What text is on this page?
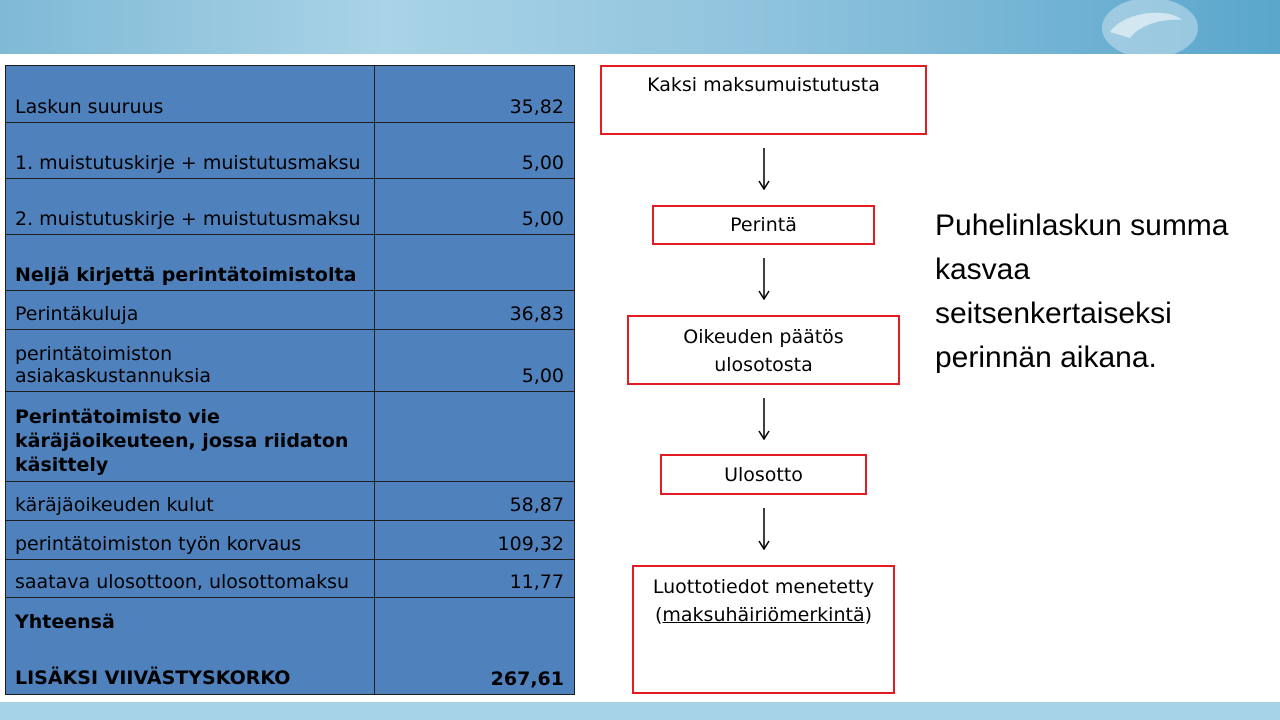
Laskun suuruus	35,82
1. muistutuskirje + muistutusmaksu	5,00
2. muistutuskirje + muistutusmaksu	5,00
Neljä kirjettä perintätoimistolta	
Perintäkuluja	36,83
perintätoimiston asiakaskustannuksia	5,00
Perintätoimisto vie käräjäoikeuteen, jossa riidaton käsittely	
käräjäoikeuden kulut	58,87
perintätoimiston työn korvaus	109,32
saatava ulosottoon, ulosottomaksu	11,77

Yhteensä
LISÄKSI VIIVÄSTYSKORKO	267,61
Kaksi maksumuistutusta
Perintä
Oikeuden päätös ulosotosta
Ulosotto
Luottotiedot menetetty
(maksuhäiriömerkintä)
Puhelinlaskun summa kasvaa seitsenkertaiseksi perinnän aikana.
